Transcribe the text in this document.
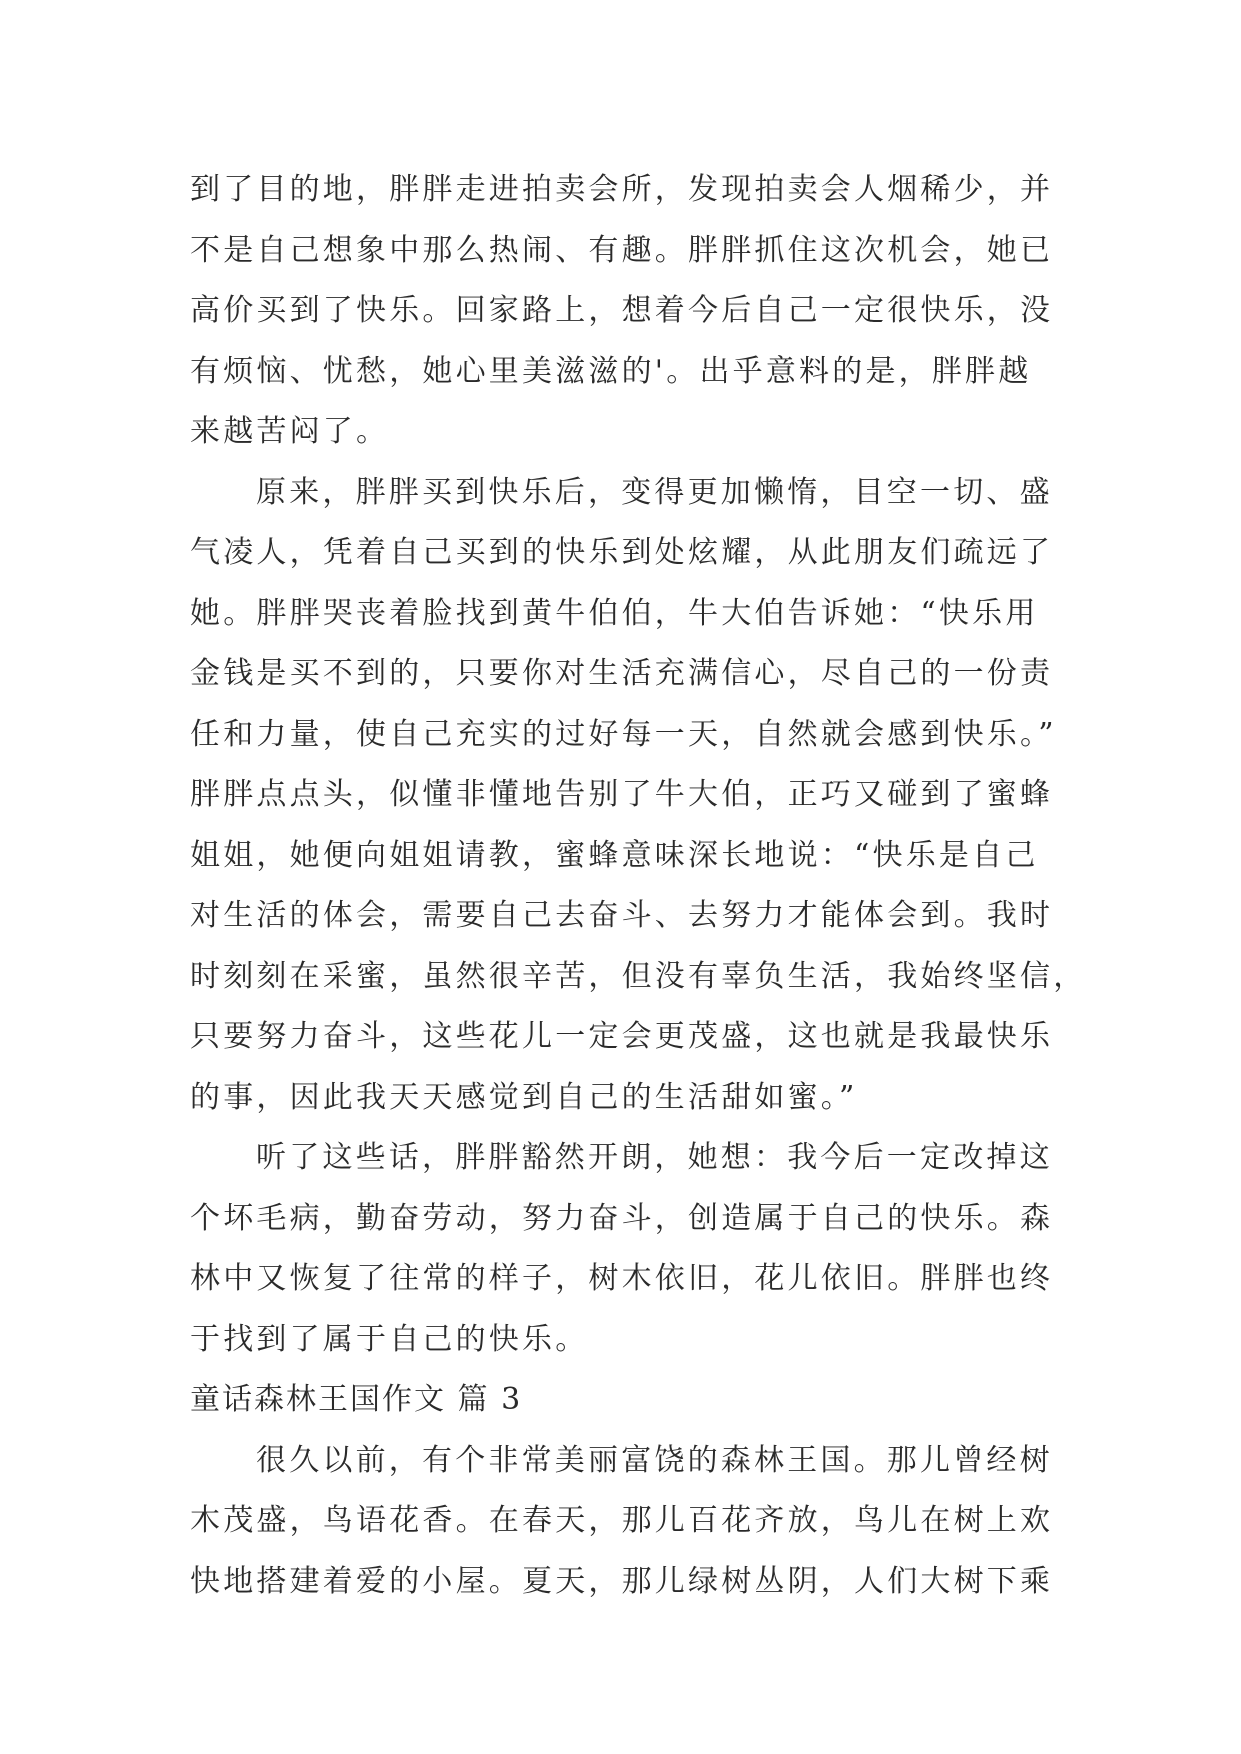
到了目的地，胖胖走进拍卖会所，发现拍卖会人烟稀少，并
不是自己想象中那么热闹、有趣。胖胖抓住这次机会，她已
高价买到了快乐。回家路上，想着今后自己一定很快乐，没
有烦恼、忧愁，她心里美滋滋的'。出乎意料的是，胖胖越
来越苦闷了。
原来，胖胖买到快乐后，变得更加懒惰，目空一切、盛
气凌人，凭着自己买到的快乐到处炫耀，从此朋友们疏远了
她。胖胖哭丧着脸找到黄牛伯伯，牛大伯告诉她：“快乐用
金钱是买不到的，只要你对生活充满信心，尽自己的一份责
任和力量，使自己充实的过好每一天，自然就会感到快乐。”
胖胖点点头，似懂非懂地告别了牛大伯，正巧又碰到了蜜蜂
姐姐，她便向姐姐请教，蜜蜂意味深长地说：“快乐是自己
对生活的体会，需要自己去奋斗、去努力才能体会到。我时
时刻刻在采蜜，虽然很辛苦，但没有辜负生活，我始终坚信，
只要努力奋斗，这些花儿一定会更茂盛，这也就是我最快乐
的事，因此我天天感觉到自己的生活甜如蜜。”
听了这些话，胖胖豁然开朗，她想：我今后一定改掉这
个坏毛病，勤奋劳动，努力奋斗，创造属于自己的快乐。森
林中又恢复了往常的样子，树木依旧，花儿依旧。胖胖也终
于找到了属于自己的快乐。
童话森林王国作文 篇 3
很久以前，有个非常美丽富饶的森林王国。那儿曾经树
木茂盛，鸟语花香。在春天，那儿百花齐放，鸟儿在树上欢
快地搭建着爱的小屋。夏天，那儿绿树丛阴，人们大树下乘
